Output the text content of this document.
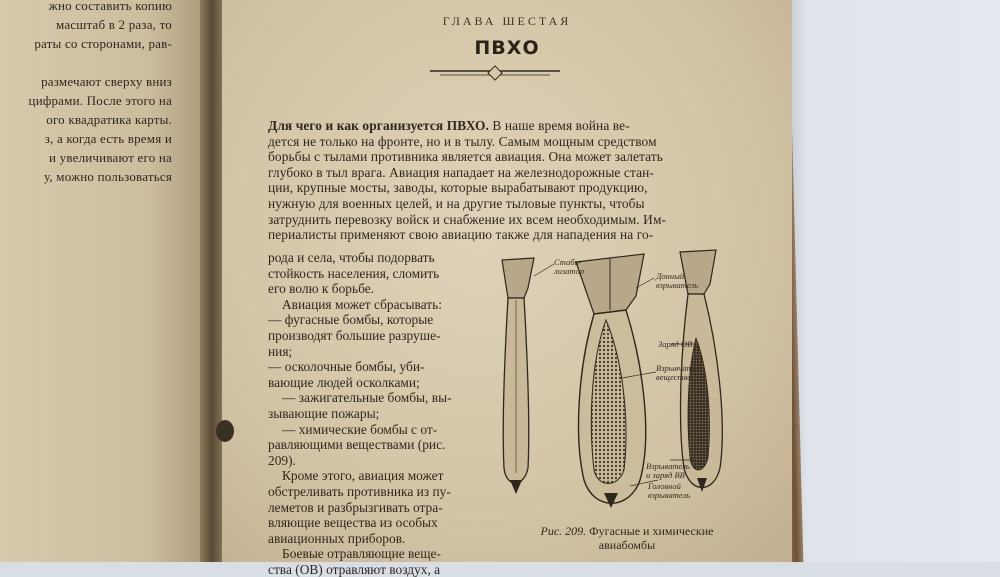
жно составить копию
масштаб в 2 раза, то
раты со сторонами, рав-
размечают сверху вниз
цифрами. После этого на
ого квадратика карты.
з, а когда есть время и
и увеличивают его на
у, можно пользоваться
ГЛАВА ШЕСТАЯ
ПВХО
Для чего и как организуется ПВХО. В наше время война ве-
дется не только на фронте, но и в тылу. Самым мощным средством
борьбы с тылами противника является авиация. Она может залетать
глубоко в тыл врага. Авиация нападает на железнодорожные стан-
ции, крупные мосты, заводы, которые вырабатывают продукцию,
нужную для военных целей, и на другие тыловые пункты, чтобы
затруднить перевозку войск и снабжение их всем необходимым. Им-
периалисты применяют свою авиацию также для нападения на го-
рода и села, чтобы подорвать
стойкость населения, сломить
его волю к борьбе.
Авиация может сбрасывать:
— фугасные бомбы, которые
производят большие разруше-
ния;
— осколочные бомбы, уби-
вающие людей осколками;
— зажигательные бомбы, вы-
зывающие пожары;
— химические бомбы с от-
равляющими веществами (рис.
209).
Кроме этого, авиация может
обстреливать противника из пу-
леметов и разбрызгивать отра-
вляющие вещества из особых
авиационных приборов.
Боевые отравляющие веще-
ства (ОВ) отравляют воздух, а
Стаби-
лизатор	Донный
взрыватель
Заряд ОВ
Взрывчатое
вещество
Взрыватель
и заряд ВВ
Головной
взрыватель
Рис. 209. Фугасные и химические
авиабомбы
